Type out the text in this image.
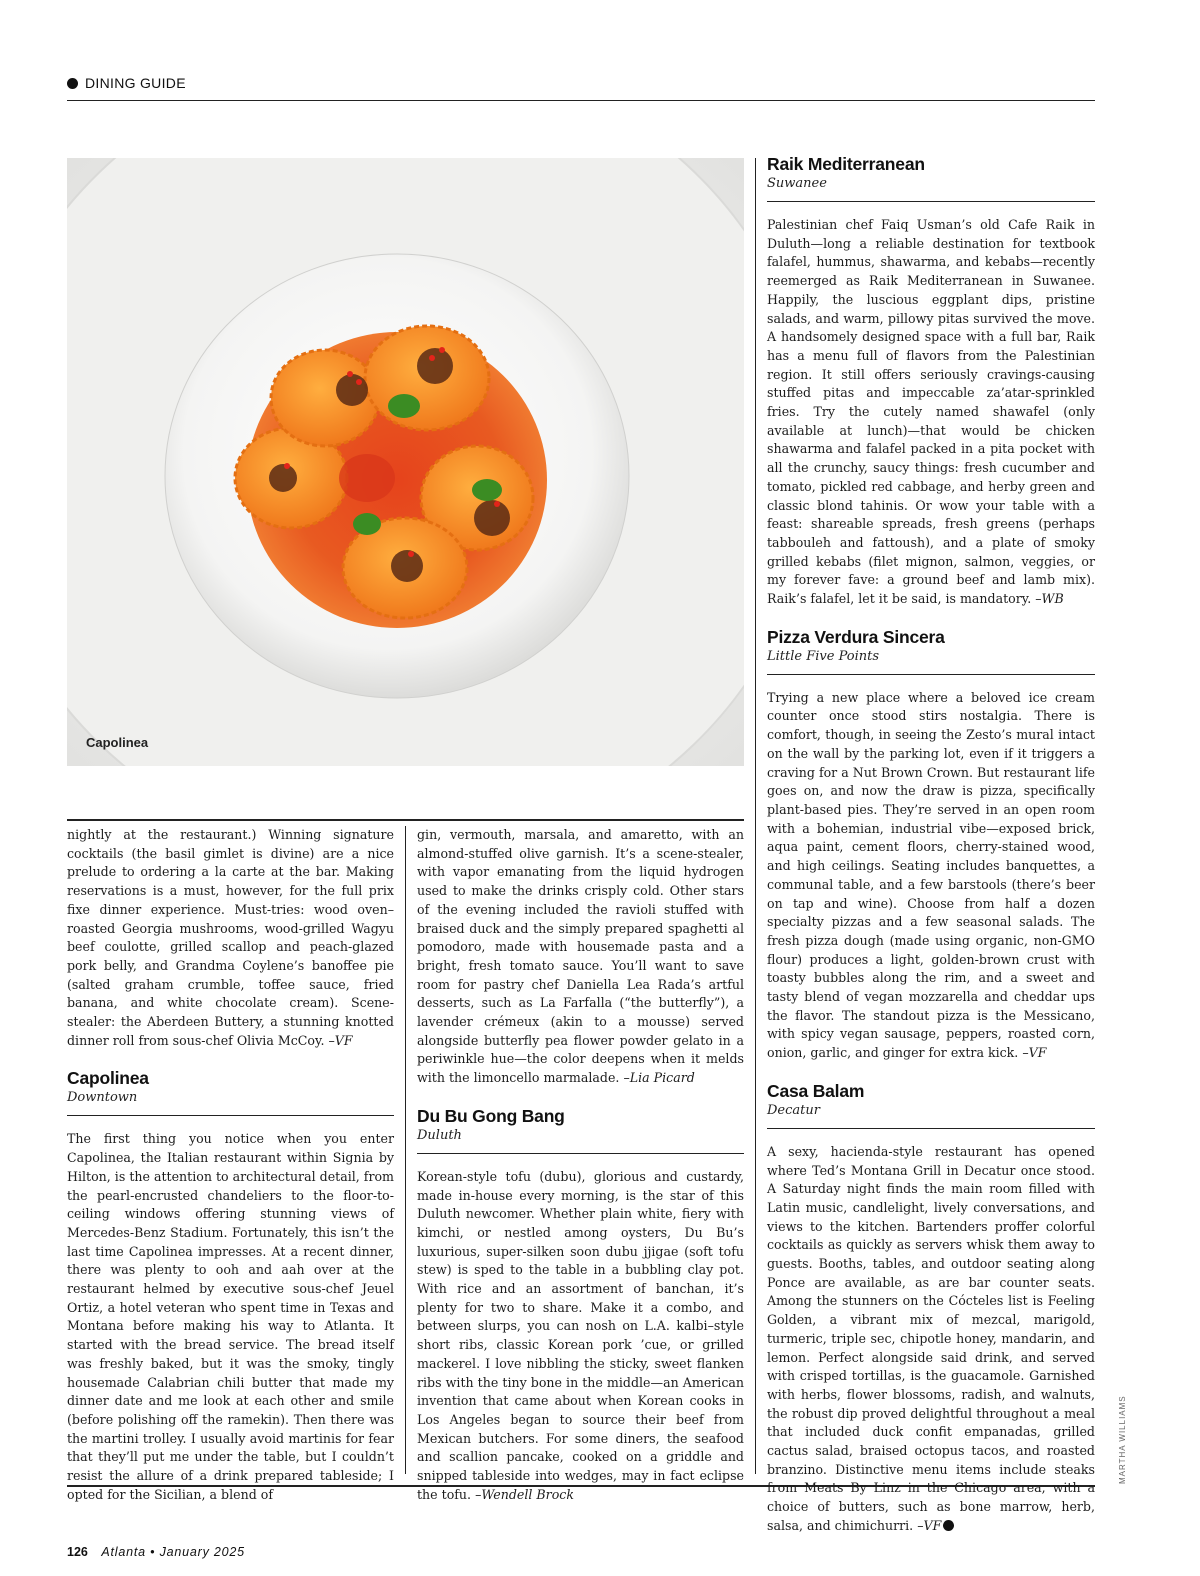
DINING GUIDE
Capolinea

nightly at the restaurant.) Winning signature cocktails (the basil gimlet is divine) are a nice prelude to ordering a la carte at the bar. Making reservations is a must, however, for the full prix fixe dinner experience. Must-tries: wood oven–roasted Georgia mushrooms, wood-grilled Wagyu beef coulotte, grilled scallop and peach-glazed pork belly, and Grandma Coylene’s banoffee pie (salted graham crumble, toffee sauce, fried banana, and white chocolate cream). Scene-stealer: the Aberdeen Buttery, a stunning knotted dinner roll from sous-chef Olivia McCoy. –VF

Capolinea
Downtown

The first thing you notice when you enter Capolinea, the Italian restaurant within Signia by Hilton, is the attention to architectural detail, from the pearl-encrusted chandeliers to the floor-to-ceiling windows offering stunning views of Mercedes-Benz Stadium. Fortunately, this isn’t the last time Capolinea impresses. At a recent dinner, there was plenty to ooh and aah over at the restaurant helmed by executive sous-chef Jeuel Ortiz, a hotel veteran who spent time in Texas and Montana before making his way to Atlanta. It started with the bread service. The bread itself was freshly baked, but it was the smoky, tingly housemade Calabrian chili butter that made my dinner date and me look at each other and smile (before polishing off the ramekin). Then there was the martini trolley. I usually avoid martinis for fear that they’ll put me under the table, but I couldn’t resist the allure of a drink prepared tableside; I opted for the Sicilian, a blend of

gin, vermouth, marsala, and amaretto, with an almond-stuffed olive garnish. It’s a scene-stealer, with vapor emanating from the liquid hydrogen used to make the drinks crisply cold. Other stars of the evening included the ravioli stuffed with braised duck and the simply prepared spaghetti al pomodoro, made with housemade pasta and a bright, fresh tomato sauce. You’ll want to save room for pastry chef Daniella Lea Rada’s artful desserts, such as La Farfalla (“the butterfly”), a lavender crémeux (akin to a mousse) served alongside butterfly pea flower powder gelato in a periwinkle hue—the color deepens when it melds with the limoncello marmalade. –Lia Picard

Du Bu Gong Bang
Duluth

Korean-style tofu (dubu), glorious and custardy, made in-house every morning, is the star of this Duluth newcomer. Whether plain white, fiery with kimchi, or nestled among oysters, Du Bu’s luxurious, super-silken soon dubu jjigae (soft tofu stew) is sped to the table in a bubbling clay pot. With rice and an assortment of banchan, it’s plenty for two to share. Make it a combo, and between slurps, you can nosh on L.A. kalbi–style short ribs, classic Korean pork ’cue, or grilled mackerel. I love nibbling the sticky, sweet flanken ribs with the tiny bone in the middle—an American invention that came about when Korean cooks in Los Angeles began to source their beef from Mexican butchers. For some diners, the seafood and scallion pancake, cooked on a griddle and snipped tableside into wedges, may in fact eclipse the tofu. –Wendell Brock

Raik Mediterranean
Suwanee

Palestinian chef Faiq Usman’s old Cafe Raik in Duluth—long a reliable destination for textbook falafel, hummus, shawarma, and kebabs—recently reemerged as Raik Mediterranean in Suwanee. Happily, the luscious eggplant dips, pristine salads, and warm, pillowy pitas survived the move. A handsomely designed space with a full bar, Raik has a menu full of flavors from the Palestinian region. It still offers seriously cravings-causing stuffed pitas and impeccable za’atar-sprinkled fries. Try the cutely named shawafel (only available at lunch)—that would be chicken shawarma and falafel packed in a pita pocket with all the crunchy, saucy things: fresh cucumber and tomato, pickled red cabbage, and herby green and classic blond tahinis. Or wow your table with a feast: shareable spreads, fresh greens (perhaps tabbouleh and fattoush), and a plate of smoky grilled kebabs (filet mignon, salmon, veggies, or my forever fave: a ground beef and lamb mix). Raik’s falafel, let it be said, is mandatory. –WB

Pizza Verdura Sincera
Little Five Points

Trying a new place where a beloved ice cream counter once stood stirs nostalgia. There is comfort, though, in seeing the Zesto’s mural intact on the wall by the parking lot, even if it triggers a craving for a Nut Brown Crown. But restaurant life goes on, and now the draw is pizza, specifically plant-based pies. They’re served in an open room with a bohemian, industrial vibe—exposed brick, aqua paint, cement floors, cherry-stained wood, and high ceilings. Seating includes banquettes, a communal table, and a few barstools (there’s beer on tap and wine). Choose from half a dozen specialty pizzas and a few seasonal salads. The fresh pizza dough (made using organic, non-GMO flour) produces a light, golden-brown crust with toasty bubbles along the rim, and a sweet and tasty blend of vegan mozzarella and cheddar ups the flavor. The standout pizza is the Messicano, with spicy vegan sausage, peppers, roasted corn, onion, garlic, and ginger for extra kick. –VF

Casa Balam
Decatur

A sexy, hacienda-style restaurant has opened where Ted’s Montana Grill in Decatur once stood. A Saturday night finds the main room filled with Latin music, candlelight, lively conversations, and views to the kitchen. Bartenders proffer colorful cocktails as quickly as servers whisk them away to guests. Booths, tables, and outdoor seating along Ponce are available, as are bar counter seats. Among the stunners on the Cócteles list is Feeling Golden, a vibrant mix of mezcal, marigold, turmeric, triple sec, chipotle honey, mandarin, and lemon. Perfect alongside said drink, and served with crisped tortillas, is the guacamole. Garnished with herbs, flower blossoms, radish, and walnuts, the robust dip proved delightful throughout a meal that included duck confit empanadas, grilled cactus salad, braised octopus tacos, and roasted branzino. Distinctive menu items include steaks from Meats By Linz in the Chicago area, with a choice of butters, such as bone marrow, herb, salsa, and chimichurri. –VF

MARTHA WILLIAMS
126 Atlanta • January 2025
